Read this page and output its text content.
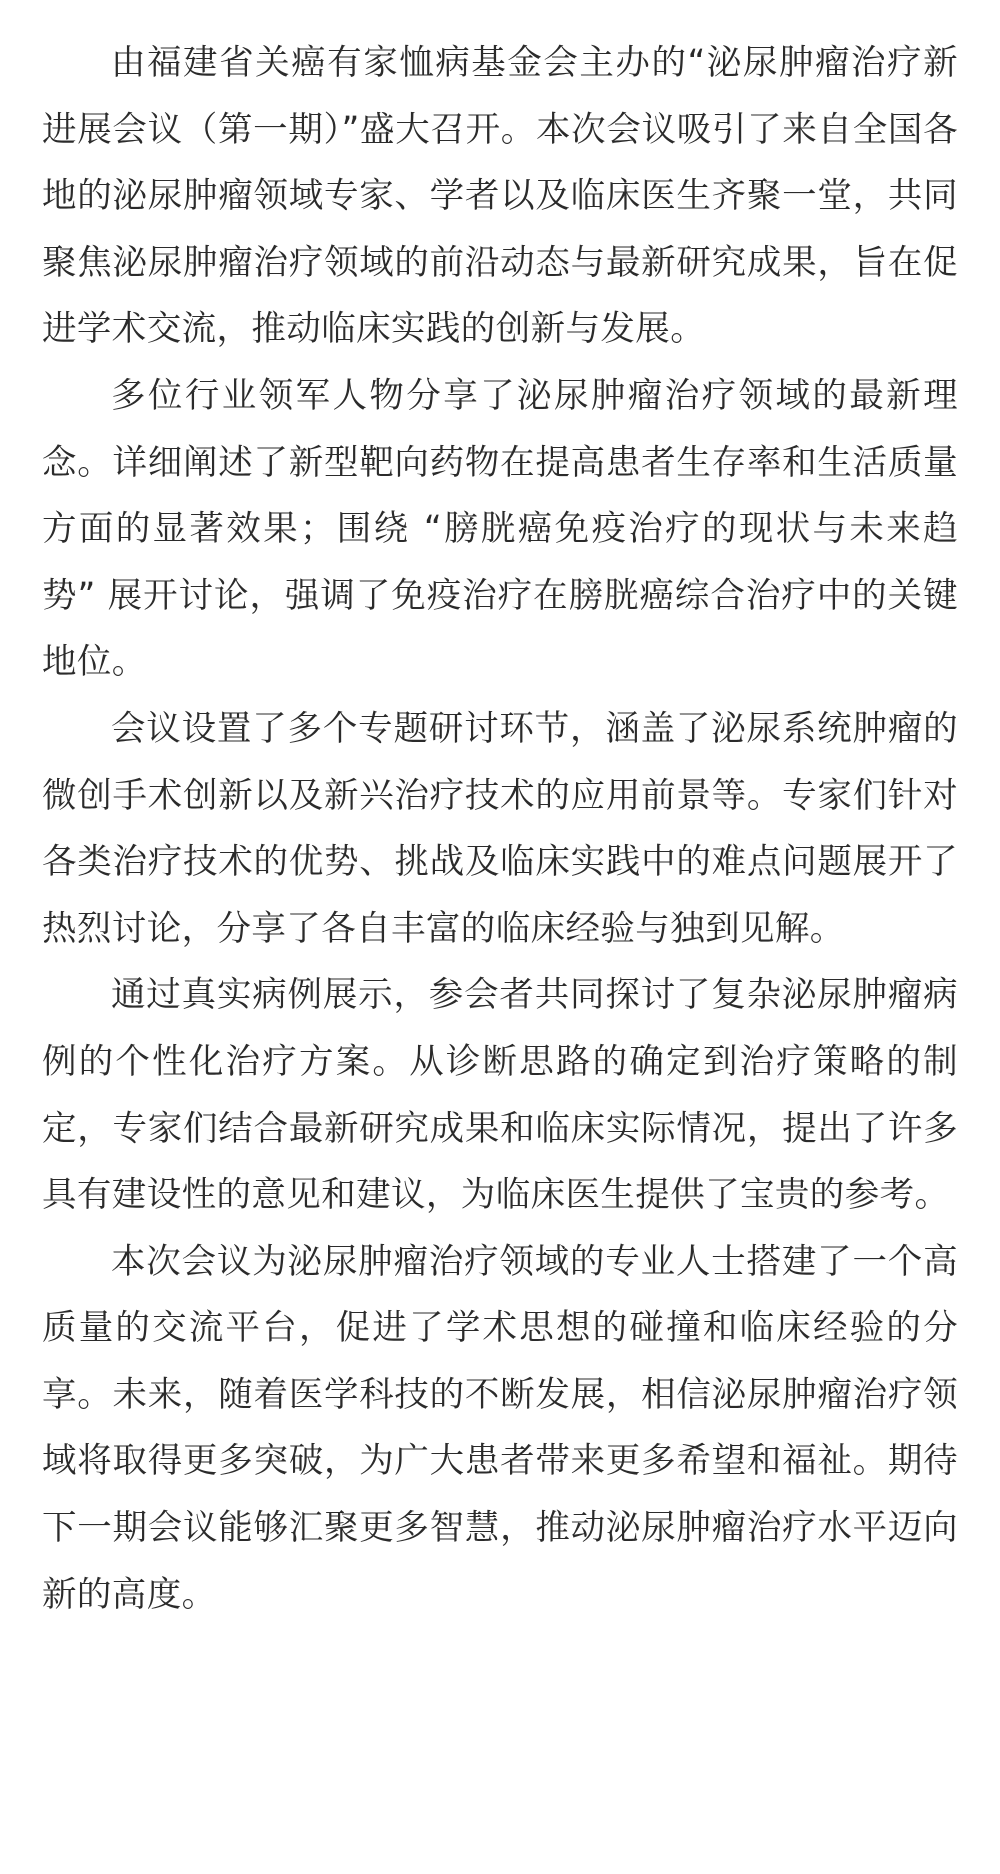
由福建省关癌有家恤病基金会主办的“泌尿肿瘤治疗新进展会议（第一期）”盛大召开。本次会议吸引了来自全国各地的泌尿肿瘤领域专家、学者以及临床医生齐聚一堂，共同聚焦泌尿肿瘤治疗领域的前沿动态与最新研究成果，旨在促进学术交流，推动临床实践的创新与发展。

多位行业领军人物分享了泌尿肿瘤治疗领域的最新理念。详细阐述了新型靶向药物在提高患者生存率和生活质量方面的显著效果；围绕 “膀胱癌免疫治疗的现状与未来趋势” 展开讨论，强调了免疫治疗在膀胱癌综合治疗中的关键地位。

会议设置了多个专题研讨环节，涵盖了泌尿系统肿瘤的微创手术创新以及新兴治疗技术的应用前景等。专家们针对各类治疗技术的优势、挑战及临床实践中的难点问题展开了热烈讨论，分享了各自丰富的临床经验与独到见解。

通过真实病例展示，参会者共同探讨了复杂泌尿肿瘤病例的个性化治疗方案。从诊断思路的确定到治疗策略的制定，专家们结合最新研究成果和临床实际情况，提出了许多具有建设性的意见和建议，为临床医生提供了宝贵的参考。

本次会议为泌尿肿瘤治疗领域的专业人士搭建了一个高质量的交流平台，促进了学术思想的碰撞和临床经验的分享。未来，随着医学科技的不断发展，相信泌尿肿瘤治疗领域将取得更多突破，为广大患者带来更多希望和福祉。期待下一期会议能够汇聚更多智慧，推动泌尿肿瘤治疗水平迈向新的高度。
